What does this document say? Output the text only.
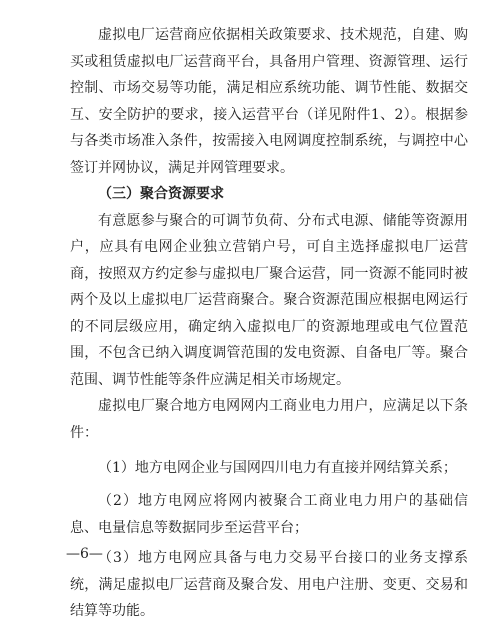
虚拟电厂运营商应依据相关政策要求、技术规范，自建、购买或租赁虚拟电厂运营商平台，具备用户管理、资源管理、运行控制、市场交易等功能，满足相应系统功能、调节性能、数据交互、安全防护的要求，接入运营平台（详见附件1、2）。根据参与各类市场准入条件，按需接入电网调度控制系统，与调控中心签订并网协议，满足并网管理要求。

（三）聚合资源要求

有意愿参与聚合的可调节负荷、分布式电源、储能等资源用户，应具有电网企业独立营销户号，可自主选择虚拟电厂运营商，按照双方约定参与虚拟电厂聚合运营，同一资源不能同时被两个及以上虚拟电厂运营商聚合。聚合资源范围应根据电网运行的不同层级应用，确定纳入虚拟电厂的资源地理或电气位置范围，不包含已纳入调度调管范围的发电资源、自备电厂等。聚合范围、调节性能等条件应满足相关市场规定。

虚拟电厂聚合地方电网网内工商业电力用户，应满足以下条件：

（1）地方电网企业与国网四川电力有直接并网结算关系；

（2）地方电网应将网内被聚合工商业电力用户的基础信息、电量信息等数据同步至运营平台；

（3）地方电网应具备与电力交易平台接口的业务支撑系统，满足虚拟电厂运营商及聚合发、用电户注册、变更、交易和结算等功能。

—6—
